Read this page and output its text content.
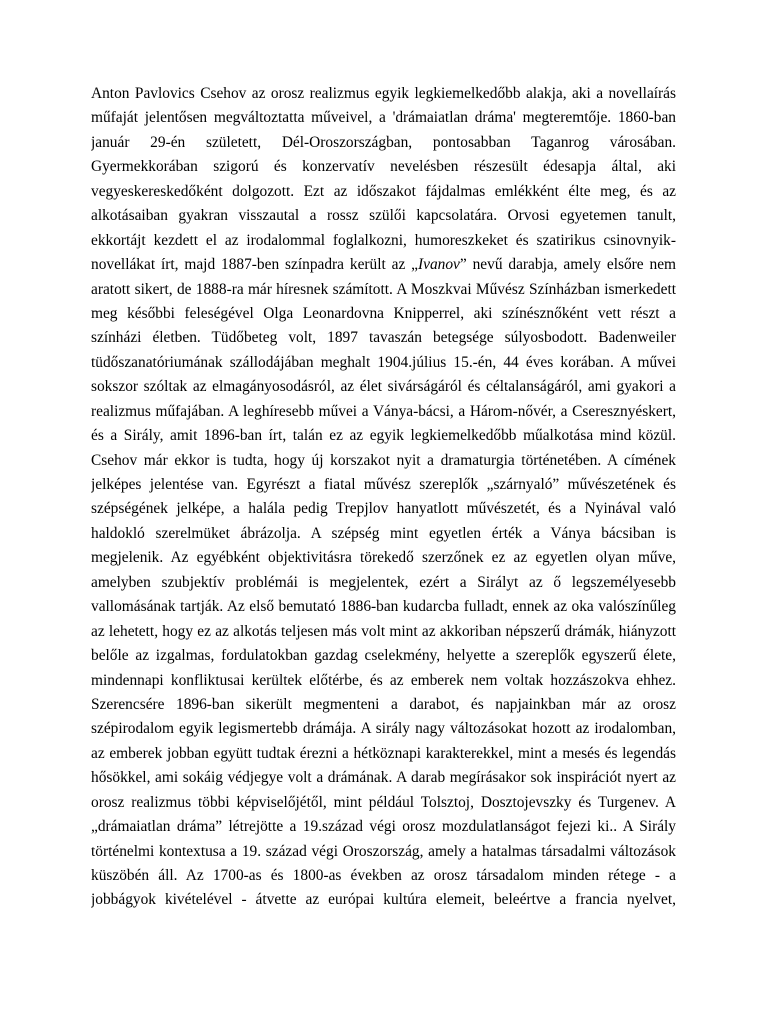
Anton Pavlovics Csehov az orosz realizmus egyik legkiemelkedőbb alakja, aki a novellaírás
műfaját jelentősen megváltoztatta műveivel, a 'drámaiatlan dráma' megteremtője. 1860-ban
január 29-én született, Dél-Oroszországban, pontosabban Taganrog városában.
Gyermekkorában szigorú és konzervatív nevelésben részesült édesapja által, aki
vegyeskereskedőként dolgozott. Ezt az időszakot fájdalmas emlékként élte meg, és az
alkotásaiban gyakran visszautal a rossz szülői kapcsolatára. Orvosi egyetemen tanult,
ekkortájt kezdett el az irodalommal foglalkozni, humoreszkeket és szatirikus csinovnyik-
novellákat írt, majd 1887-ben színpadra került az „Ivanov” nevű darabja, amely elsőre nem
aratott sikert, de 1888-ra már híresnek számított. A Moszkvai Művész Színházban ismerkedett
meg későbbi feleségével Olga Leonardovna Knipperrel, aki színésznőként vett részt a
színházi életben. Tüdőbeteg volt, 1897 tavaszán betegsége súlyosbodott. Badenweiler
tüdőszanatóriumának szállodájában meghalt 1904.július 15.-én, 44 éves korában. A művei
sokszor szóltak az elmagányosodásról, az élet sivárságáról és céltalanságáról, ami gyakori a
realizmus műfajában. A leghíresebb művei a Ványa-bácsi, a Három-nővér, a Cseresznyéskert,
és a Sirály, amit 1896-ban írt, talán ez az egyik legkiemelkedőbb műalkotása mind közül.
Csehov már ekkor is tudta, hogy új korszakot nyit a dramaturgia történetében. A címének
jelképes jelentése van. Egyrészt a fiatal művész szereplők „szárnyaló” művészetének és
szépségének jelképe, a halála pedig Trepjlov hanyatlott művészetét, és a Nyinával való
haldokló szerelmüket ábrázolja. A szépség mint egyetlen érték a Ványa bácsiban is
megjelenik. Az egyébként objektivitásra törekedő szerzőnek ez az egyetlen olyan műve,
amelyben szubjektív problémái is megjelentek, ezért a Sirályt az ő legszemélyesebb
vallomásának tartják. Az első bemutató 1886-ban kudarcba fulladt, ennek az oka valószínűleg
az lehetett, hogy ez az alkotás teljesen más volt mint az akkoriban népszerű drámák, hiányzott
belőle az izgalmas, fordulatokban gazdag cselekmény, helyette a szereplők egyszerű élete,
mindennapi konfliktusai kerültek előtérbe, és az emberek nem voltak hozzászokva ehhez.
Szerencsére 1896-ban sikerült megmenteni a darabot, és napjainkban már az orosz
szépirodalom egyik legismertebb drámája. A sirály nagy változásokat hozott az irodalomban,
az emberek jobban együtt tudtak érezni a hétköznapi karakterekkel, mint a mesés és legendás
hősökkel, ami sokáig védjegye volt a drámának. A darab megírásakor sok inspirációt nyert az
orosz realizmus többi képviselőjétől, mint például Tolsztoj, Dosztojevszky és Turgenev. A
„drámaiatlan dráma” létrejötte a 19.század végi orosz mozdulatlanságot fejezi ki.. A Sirály
történelmi kontextusa a 19. század végi Oroszország, amely a hatalmas társadalmi változások
küszöbén áll. Az 1700-as és 1800-as években az orosz társadalom minden rétege - a
jobbágyok kivételével - átvette az európai kultúra elemeit, beleértve a francia nyelvet,
